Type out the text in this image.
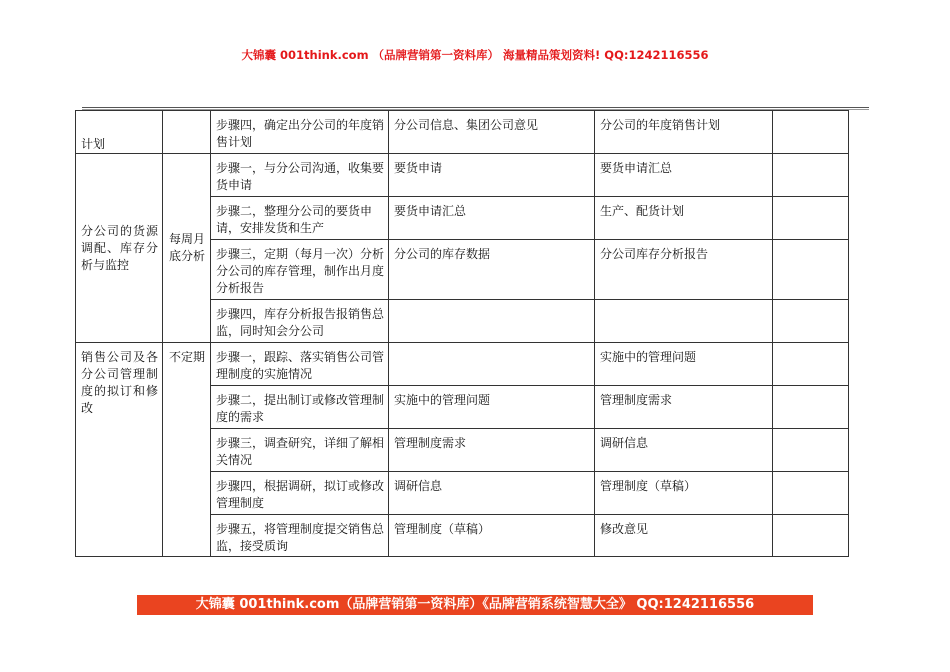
大锦囊 001think.com （品牌营销第一资料库） 海量精品策划资料! QQ:1242116556
计划		步骤四，确定出分公司的年度销售计划	分公司信息、集团公司意见	分公司的年度销售计划	
分公司的货源调配、库存分析与监控	每周月底分析	步骤一，与分公司沟通，收集要货申请	要货申请	要货申请汇总	
		步骤二，整理分公司的要货申请，安排发货和生产	要货申请汇总	生产、配货计划	
		步骤三，定期（每月一次）分析分公司的库存管理，制作出月度分析报告	分公司的库存数据	分公司库存分析报告	
		步骤四，库存分析报告报销售总监，同时知会分公司			
销售公司及各分公司管理制度的拟订和修改	不定期	步骤一，跟踪、落实销售公司管理制度的实施情况		实施中的管理问题	
		步骤二，提出制订或修改管理制度的需求	实施中的管理问题	管理制度需求	
		步骤三，调查研究，详细了解相关情况	管理制度需求	调研信息	
		步骤四，根据调研，拟订或修改管理制度	调研信息	管理制度（草稿）	
		步骤五，将管理制度提交销售总监，接受质询	管理制度（草稿）	修改意见	
大锦囊 001think.com（品牌营销第一资料库）《品牌营销系统智慧大全》 QQ:1242116556
